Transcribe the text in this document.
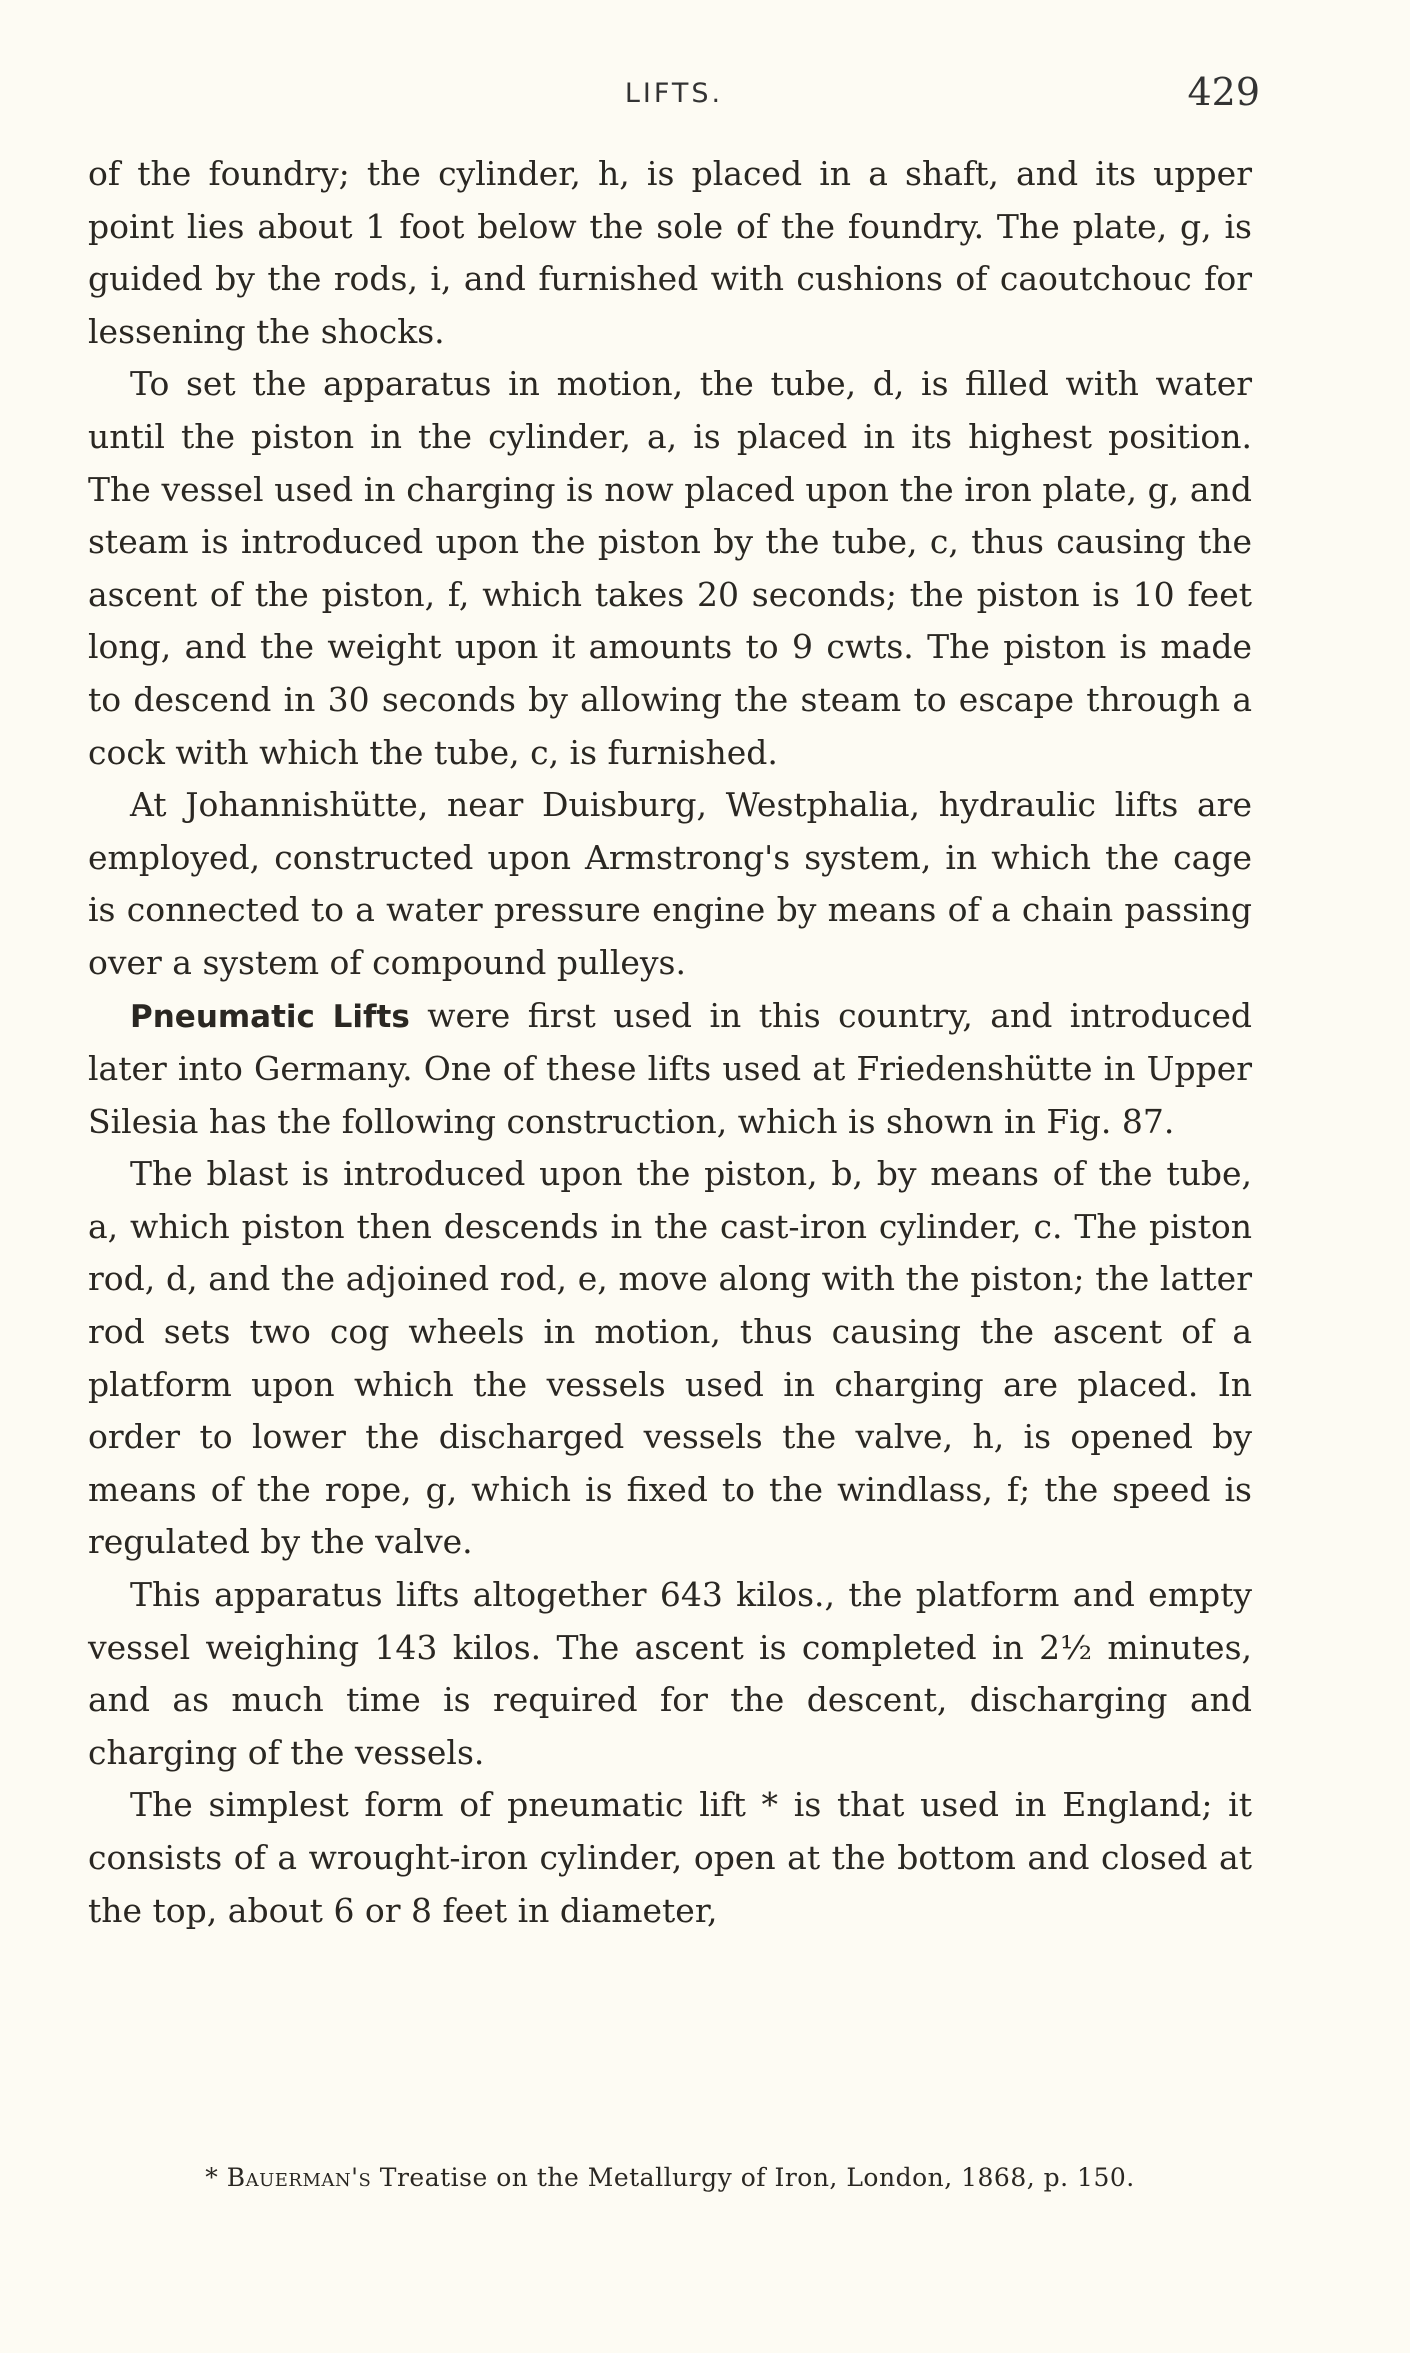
LIFTS.	429

of the foundry; the cylinder, h, is placed in a shaft, and its upper point lies about 1 foot below the sole of the foundry. The plate, g, is guided by the rods, i, and furnished with cushions of caoutchouc for lessening the shocks.

To set the apparatus in motion, the tube, d, is filled with water until the piston in the cylinder, a, is placed in its highest position. The vessel used in charging is now placed upon the iron plate, g, and steam is introduced upon the piston by the tube, c, thus causing the ascent of the piston, f, which takes 20 seconds; the piston is 10 feet long, and the weight upon it amounts to 9 cwts. The piston is made to descend in 30 seconds by allowing the steam to escape through a cock with which the tube, c, is furnished.

At Johannishütte, near Duisburg, Westphalia, hydraulic lifts are employed, constructed upon Armstrong's system, in which the cage is connected to a water pressure engine by means of a chain passing over a system of compound pulleys.

Pneumatic Lifts were first used in this country, and introduced later into Germany. One of these lifts used at Friedenshütte in Upper Silesia has the following construction, which is shown in Fig. 87.

The blast is introduced upon the piston, b, by means of the tube, a, which piston then descends in the cast-iron cylinder, c. The piston rod, d, and the adjoined rod, e, move along with the piston; the latter rod sets two cog wheels in motion, thus causing the ascent of a platform upon which the vessels used in charging are placed. In order to lower the discharged vessels the valve, h, is opened by means of the rope, g, which is fixed to the windlass, f; the speed is regulated by the valve.

This apparatus lifts altogether 643 kilos., the platform and empty vessel weighing 143 kilos. The ascent is completed in 2½ minutes, and as much time is required for the descent, discharging and charging of the vessels.

The simplest form of pneumatic lift * is that used in England; it consists of a wrought-iron cylinder, open at the bottom and closed at the top, about 6 or 8 feet in diameter,

* Bauerman's Treatise on the Metallurgy of Iron, London, 1868, p. 150.
